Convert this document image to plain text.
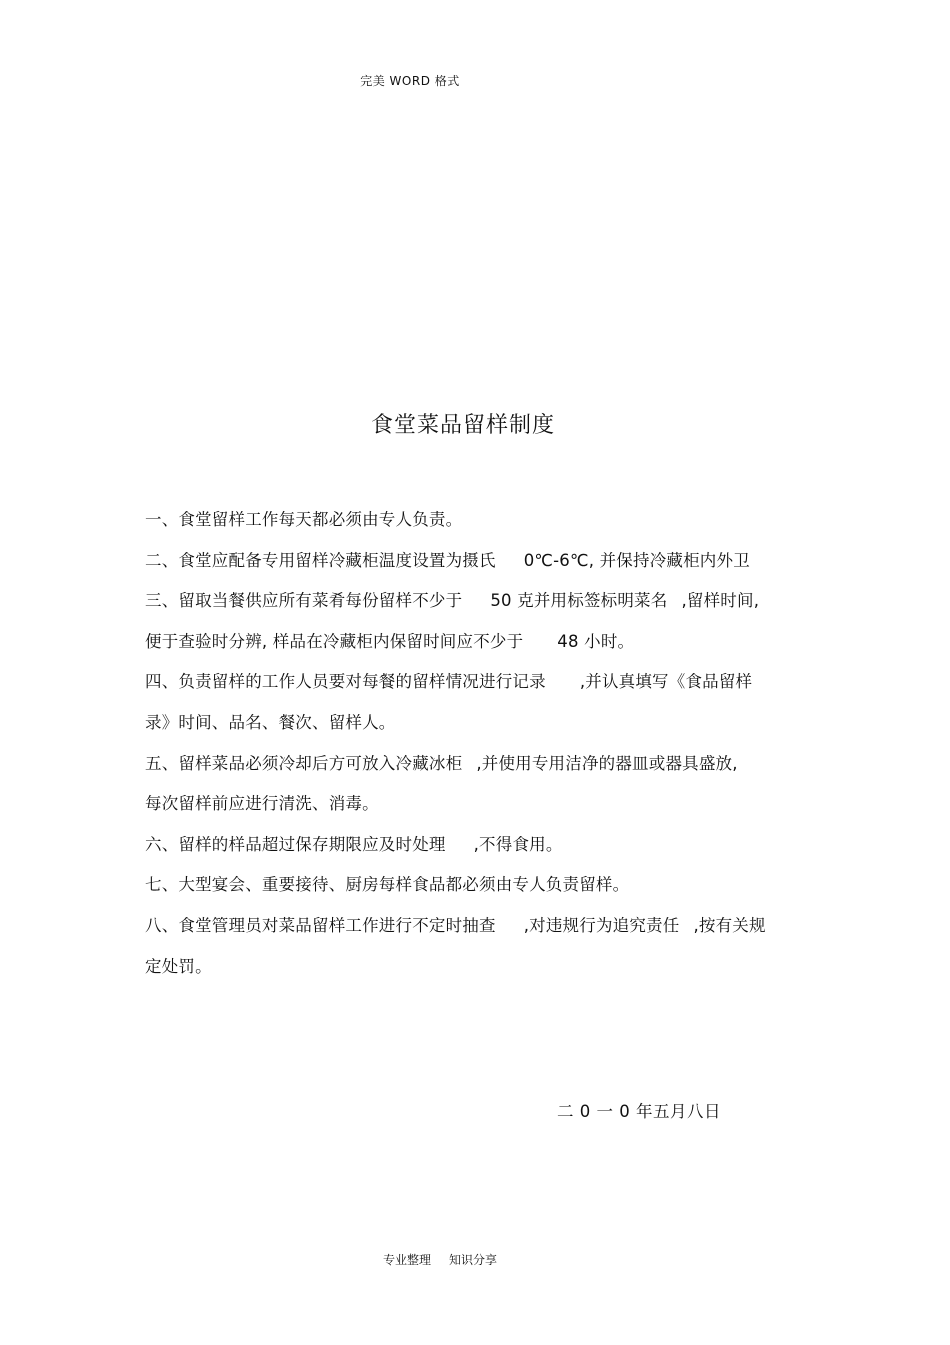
完美 WORD 格式
食堂菜品留样制度
一、食堂留样工作每天都必须由专人负责。
二、食堂应配备专用留样冷藏柜温度设置为摄氏 0℃-6℃, 并保持冷藏柜内外卫
三、留取当餐供应所有菜肴每份留样不少于 50 克并用标签标明菜名 ,留样时间,
便于查验时分辨, 样品在冷藏柜内保留时间应不少于 48 小时。
四、负责留样的工作人员要对每餐的留样情况进行记录 ,并认真填写《食品留样
录》时间、品名、餐次、留样人。
五、留样菜品必须冷却后方可放入冷藏冰柜 ,并使用专用洁净的器皿或器具盛放,
每次留样前应进行清洗、消毒。
六、留样的样品超过保存期限应及时处理 ,不得食用。
七、大型宴会、重要接待、厨房每样食品都必须由专人负责留样。
八、食堂管理员对菜品留样工作进行不定时抽查 ,对违规行为追究责任 ,按有关规
定处罚。
二 0 一 0 年五月八日
专业整理 知识分享
